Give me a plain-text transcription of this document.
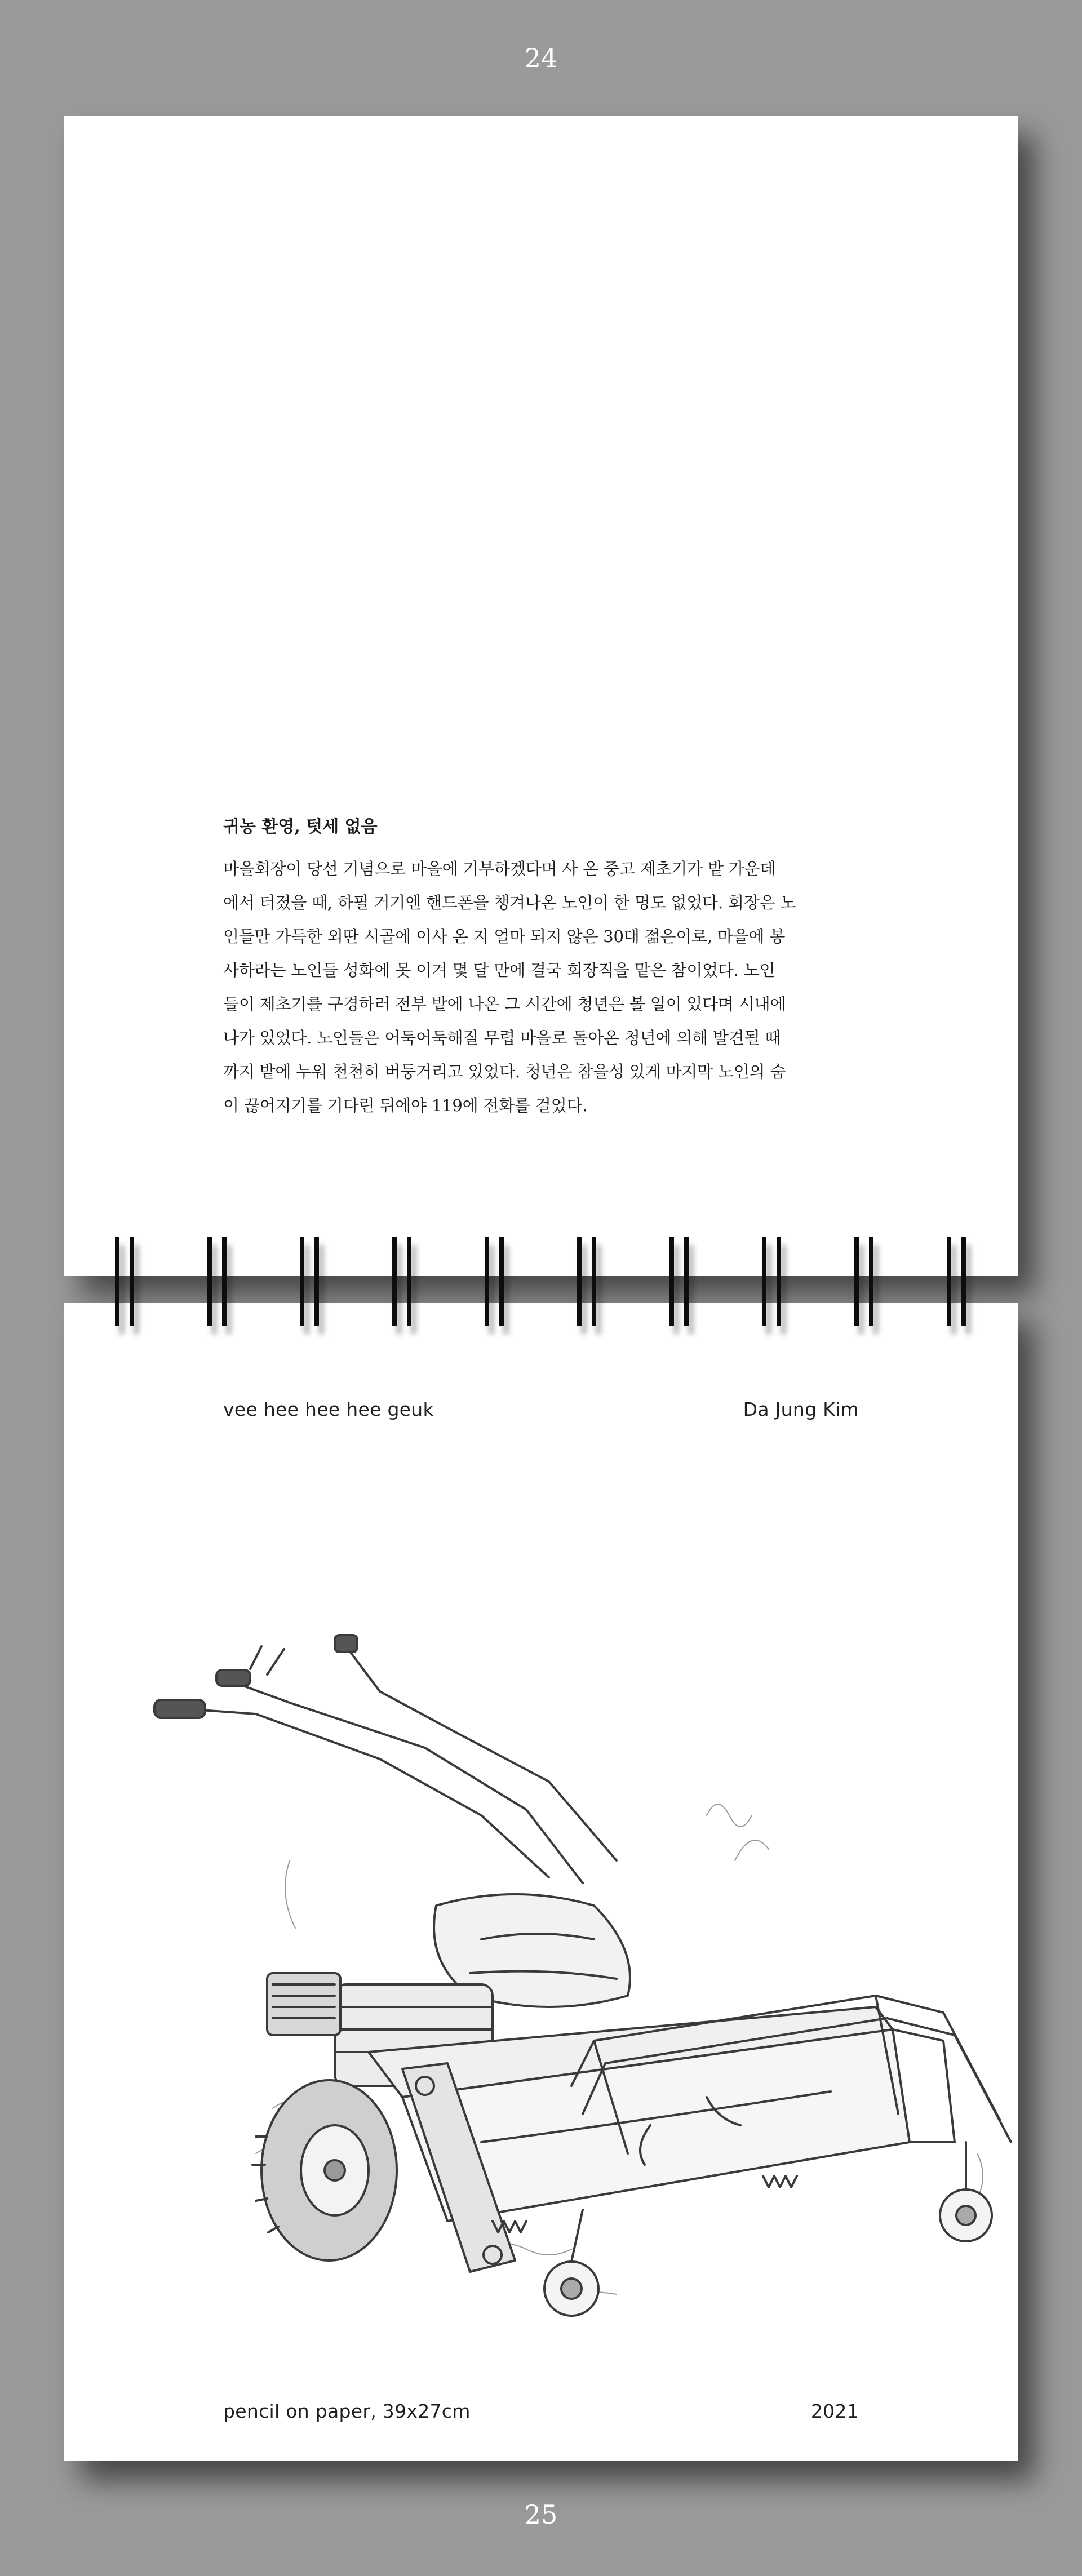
24
귀농 환영, 텃세 없음
마을회장이 당선 기념으로 마을에 기부하겠다며 사 온 중고 제초기가 밭 가운데
에서 터졌을 때, 하필 거기엔 핸드폰을 챙겨나온 노인이 한 명도 없었다. 회장은 노
인들만 가득한 외딴 시골에 이사 온 지 얼마 되지 않은 30대 젊은이로, 마을에 봉
사하라는 노인들 성화에 못 이겨 몇 달 만에 결국 회장직을 맡은 참이었다. 노인
들이 제초기를 구경하러 전부 밭에 나온 그 시간에 청년은 볼 일이 있다며 시내에
나가 있었다. 노인들은 어둑어둑해질 무렵 마을로 돌아온 청년에 의해 발견될 때
까지 밭에 누워 천천히 버둥거리고 있었다. 청년은 참을성 있게 마지막 노인의 숨
이 끊어지기를 기다린 뒤에야 119에 전화를 걸었다.
vee hee hee hee geuk	Da Jung Kim
pencil on paper, 39x27cm	2021
25
